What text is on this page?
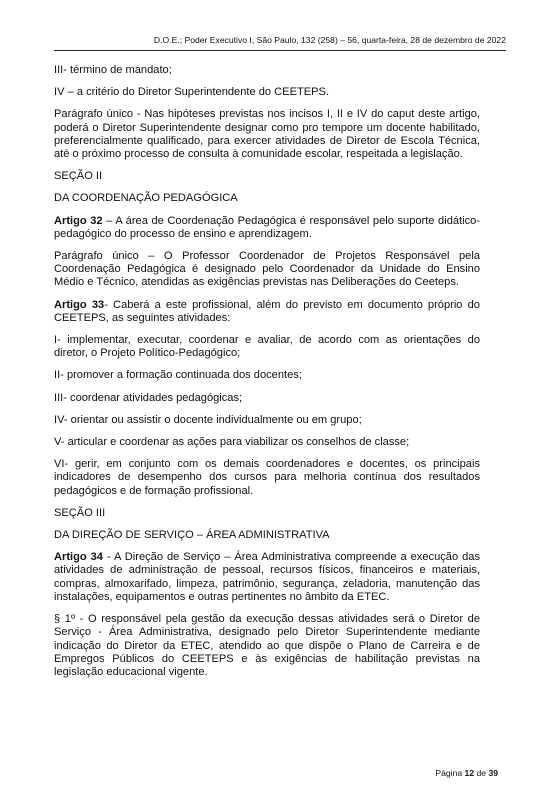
D.O.E.; Poder Executivo I, São Paulo, 132 (258) – 56, quarta-feira, 28 de dezembro de 2022

III- término de mandato;

IV – a critério do Diretor Superintendente do CEETEPS.

Parágrafo único - Nas hipóteses previstas nos incisos I, II e IV do caput deste artigo, poderá o Diretor Superintendente designar como pro tempore um docente habilitado, preferencialmente qualificado, para exercer atividades de Diretor de Escola Técnica, até o próximo processo de consulta à comunidade escolar, respeitada a legislação.

SEÇÃO II

DA COORDENAÇÃO PEDAGÓGICA

Artigo 32 – A área de Coordenação Pedagógica é responsável pelo suporte didático-pedagógico do processo de ensino e aprendizagem.

Parágrafo único – O Professor Coordenador de Projetos Responsável pela Coordenação Pedagógica é designado pelo Coordenador da Unidade do Ensino Médio e Técnico, atendidas as exigências previstas nas Deliberações do Ceeteps.

Artigo 33- Caberá a este profissional, além do previsto em documento próprio do CEETEPS, as seguintes atividades:

I- implementar, executar, coordenar e avaliar, de acordo com as orientações do diretor, o Projeto Político-Pedagógico;

II- promover a formação continuada dos docentes;

III- coordenar atividades pedagógicas;

IV- orientar ou assistir o docente individualmente ou em grupo;

V- articular e coordenar as ações para viabilizar os conselhos de classe;

VI- gerir, em conjunto com os demais coordenadores e docentes, os principais indicadores de desempenho dos cursos para melhoria contínua dos resultados pedagógicos e de formação profissional.

SEÇÃO III

DA DIREÇÃO DE SERVIÇO – ÁREA ADMINISTRATIVA

Artigo 34 - A Direção de Serviço – Área Administrativa compreende a execução das atividades de administração de pessoal, recursos físicos, financeiros e materiais, compras, almoxarifado, limpeza, patrimônio, segurança, zeladoria, manutenção das instalações, equipamentos e outras pertinentes no âmbito da ETEC.

§ 1º - O responsável pela gestão da execução dessas atividades será o Diretor de Serviço - Área Administrativa, designado pelo Diretor Superintendente mediante indicação do Diretor da ETEC, atendido ao que dispõe o Plano de Carreira e de Empregos Públicos do CEETEPS e às exigências de habilitação previstas na legislação educacional vigente.

Página 12 de 39
